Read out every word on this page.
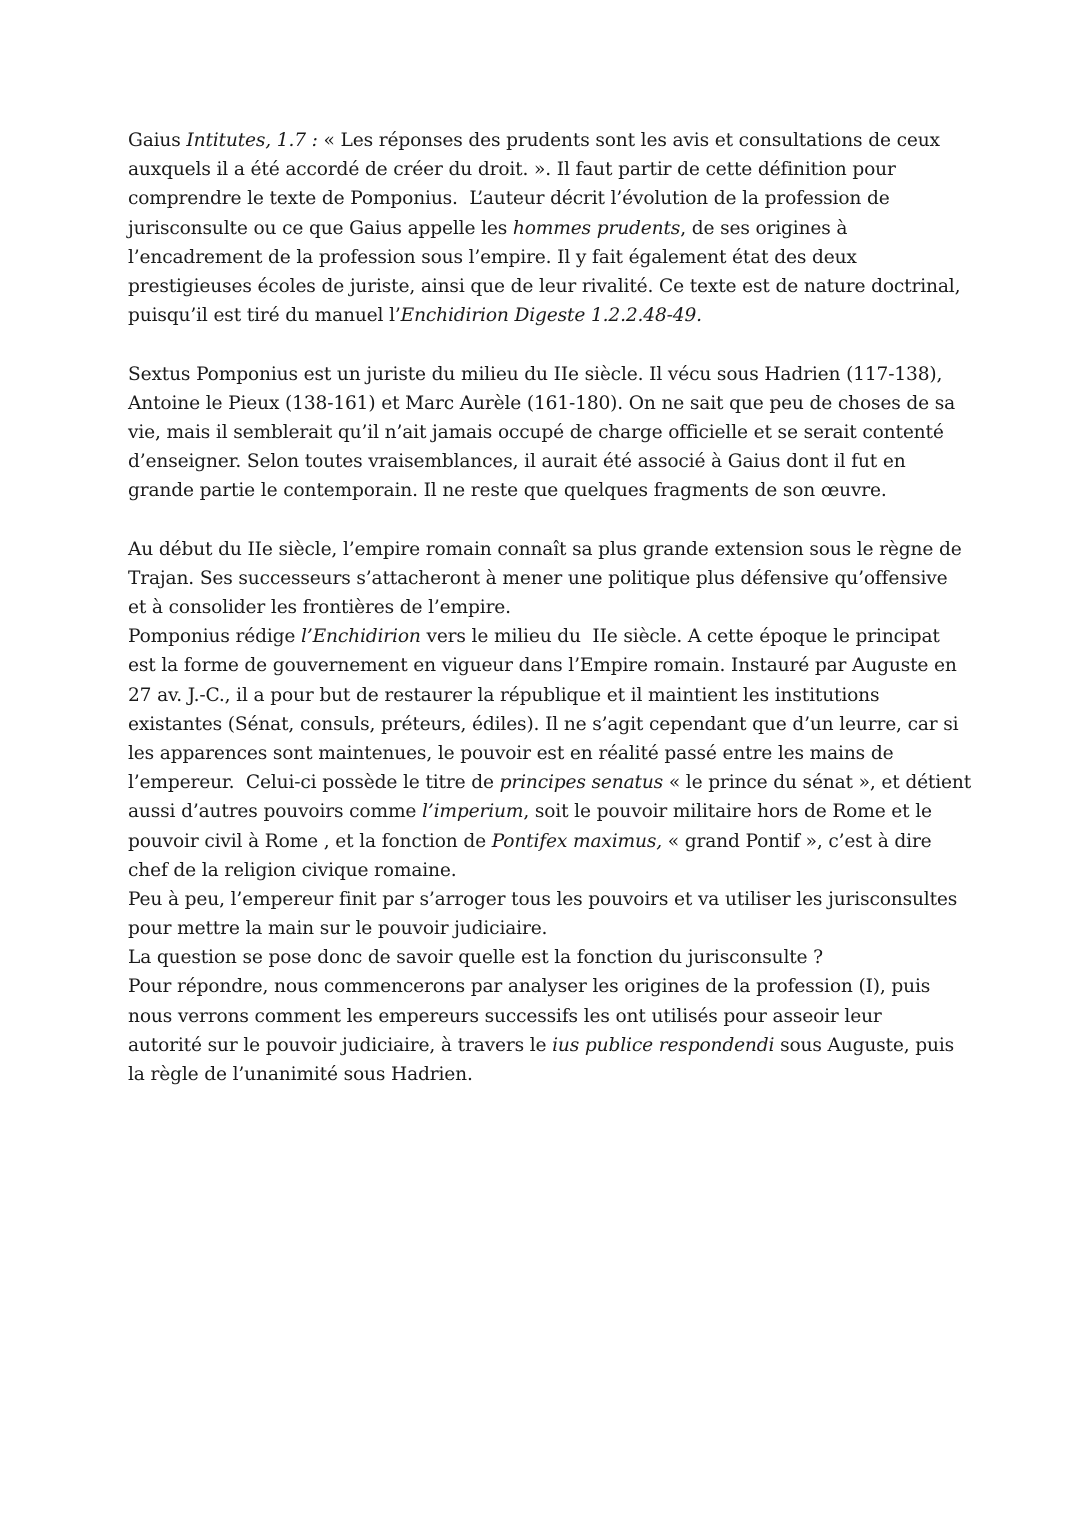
Gaius Intitutes, 1.7 : « Les réponses des prudents sont les avis et consultations de ceux
auxquels il a été accordé de créer du droit. ». Il faut partir de cette définition pour
comprendre le texte de Pomponius.  L’auteur décrit l’évolution de la profession de
jurisconsulte ou ce que Gaius appelle les hommes prudents, de ses origines à
l’encadrement de la profession sous l’empire. Il y fait également état des deux
prestigieuses écoles de juriste, ainsi que de leur rivalité. Ce texte est de nature doctrinal,
puisqu’il est tiré du manuel l’Enchidirion Digeste 1.2.2.48-49.
Sextus Pomponius est un juriste du milieu du IIe siècle. Il vécu sous Hadrien (117-138),
Antoine le Pieux (138-161) et Marc Aurèle (161-180). On ne sait que peu de choses de sa
vie, mais il semblerait qu’il n’ait jamais occupé de charge officielle et se serait contenté
d’enseigner. Selon toutes vraisemblances, il aurait été associé à Gaius dont il fut en
grande partie le contemporain. Il ne reste que quelques fragments de son œuvre.
Au début du IIe siècle, l’empire romain connaît sa plus grande extension sous le règne de
Trajan. Ses successeurs s’attacheront à mener une politique plus défensive qu’offensive
et à consolider les frontières de l’empire.
Pomponius rédige l’Enchidirion vers le milieu du  IIe siècle. A cette époque le principat
est la forme de gouvernement en vigueur dans l’Empire romain. Instauré par Auguste en
27 av. J.-C., il a pour but de restaurer la république et il maintient les institutions
existantes (Sénat, consuls, préteurs, édiles). Il ne s’agit cependant que d’un leurre, car si
les apparences sont maintenues, le pouvoir est en réalité passé entre les mains de
l’empereur.  Celui-ci possède le titre de principes senatus « le prince du sénat », et détient
aussi d’autres pouvoirs comme l’imperium, soit le pouvoir militaire hors de Rome et le
pouvoir civil à Rome , et la fonction de Pontifex maximus, « grand Pontif », c’est à dire
chef de la religion civique romaine.
Peu à peu, l’empereur finit par s’arroger tous les pouvoirs et va utiliser les jurisconsultes
pour mettre la main sur le pouvoir judiciaire.
La question se pose donc de savoir quelle est la fonction du jurisconsulte ?
Pour répondre, nous commencerons par analyser les origines de la profession (I), puis
nous verrons comment les empereurs successifs les ont utilisés pour asseoir leur
autorité sur le pouvoir judiciaire, à travers le ius publice respondendi sous Auguste, puis
la règle de l’unanimité sous Hadrien.
